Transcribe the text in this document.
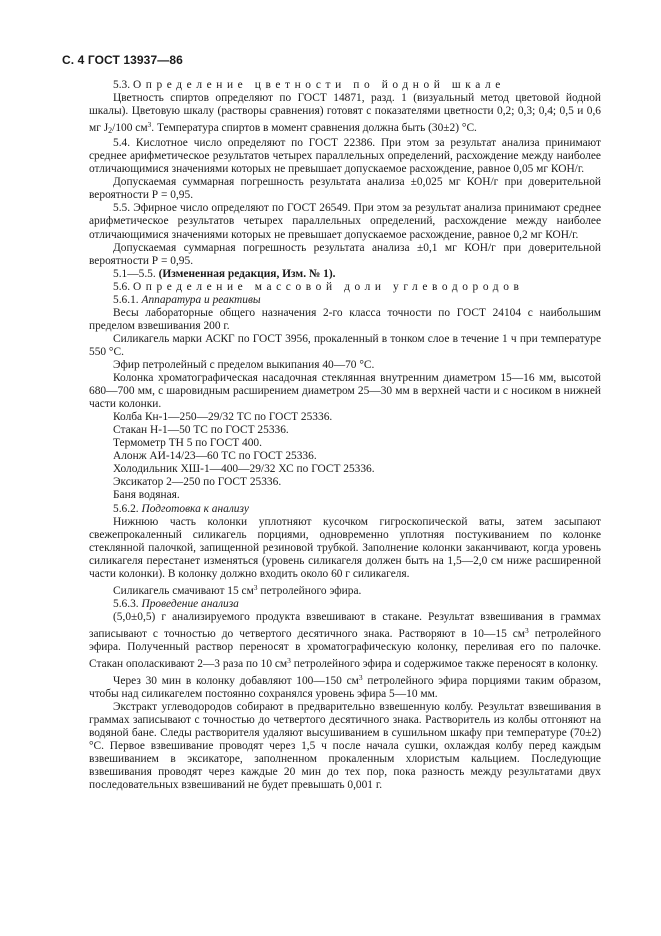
С. 4 ГОСТ 13937—86

5.3. Определение цветности по йодной шкале

Цветность спиртов определяют по ГОСТ 14871, разд. 1 (визуальный метод цветовой йодной шкалы). Цветовую шкалу (растворы сравнения) готовят с показателями цветности 0,2; 0,3; 0,4; 0,5 и 0,6 мг $J_2/100$ $см^3$. Температура спиртов в момент сравнения должна быть (30±2) °С.

5.4. Кислотное число определяют по ГОСТ 22386. При этом за результат анализа принимают среднее арифметическое результатов четырех параллельных определений, расхождение между наиболее отличающимися значениями которых не превышает допускаемое расхождение, равное 0,05 мг КОН/г.

Допускаемая суммарная погрешность результата анализа ±0,025 мг КОН/г при доверительной вероятности Р = 0,95.

5.5. Эфирное число определяют по ГОСТ 26549. При этом за результат анализа принимают среднее арифметическое результатов четырех параллельных определений, расхождение между наиболее отличающимися значениями которых не превышает допускаемое расхождение, равное 0,2 мг КОН/г.

Допускаемая суммарная погрешность результата анализа ±0,1 мг КОН/г при доверительной вероятности Р = 0,95.

5.1—5.5. (Измененная редакция, Изм. № 1).

5.6. Определение массовой доли углеводородов

5.6.1. Аппаратура и реактивы

Весы лабораторные общего назначения 2-го класса точности по ГОСТ 24104 с наибольшим пределом взвешивания 200 г.

Силикагель марки АСКГ по ГОСТ 3956, прокаленный в тонком слое в течение 1 ч при температуре 550 °С.

Эфир петролейный с пределом выкипания 40—70 °С.

Колонка хроматографическая насадочная стеклянная внутренним диаметром 15—16 мм, высотой 680—700 мм, с шаровидным расширением диаметром 25—30 мм в верхней части и с носиком в нижней части колонки.

Колба Кн-1—250—29/32 ТС по ГОСТ 25336.

Стакан Н-1—50 ТС по ГОСТ 25336.

Термометр ТН 5 по ГОСТ 400.

Алонж АИ-14/23—60 ТС по ГОСТ 25336.

Холодильник ХШ-1—400—29/32 ХС по ГОСТ 25336.

Эксикатор 2—250 по ГОСТ 25336.

Баня водяная.

5.6.2. Подготовка к анализу

Нижнюю часть колонки уплотняют кусочком гигроскопической ваты, затем засыпают свежепрокаленный силикагель порциями, одновременно уплотняя постукиванием по колонке стеклянной палочкой, запищенной резиновой трубкой. Заполнение колонки заканчивают, когда уровень силикагеля перестанет изменяться (уровень силикагеля должен быть на 1,5—2,0 см ниже расширенной части колонки). В колонку должно входить около 60 г силикагеля.

Силикагель смачивают 15 $см^3$ петролейного эфира.

5.6.3. Проведение анализа

(5,0±0,5) г анализируемого продукта взвешивают в стакане. Результат взвешивания в граммах записывают с точностью до четвертого десятичного знака. Растворяют в 10—15 $см^3$ петролейного эфира. Полученный раствор переносят в хроматографическую колонку, переливая его по палочке. Стакан ополаскивают 2—3 раза по 10 $см^3$ петролейного эфира и содержимое также переносят в колонку.

Через 30 мин в колонку добавляют 100—150 $см^3$ петролейного эфира порциями таким образом, чтобы над силикагелем постоянно сохранялся уровень эфира 5—10 мм.

Экстракт углеводородов собирают в предварительно взвешенную колбу. Результат взвешивания в граммах записывают с точностью до четвертого десятичного знака. Растворитель из колбы отгоняют на водяной бане. Следы растворителя удаляют высушиванием в сушильном шкафу при температуре (70±2) °С. Первое взвешивание проводят через 1,5 ч после начала сушки, охлаждая колбу перед каждым взвешиванием в эксикаторе, заполненном прокаленным хлористым кальцием. Последующие взвешивания проводят через каждые 20 мин до тех пор, пока разность между результатами двух последовательных взвешиваний не будет превышать 0,001 г.
